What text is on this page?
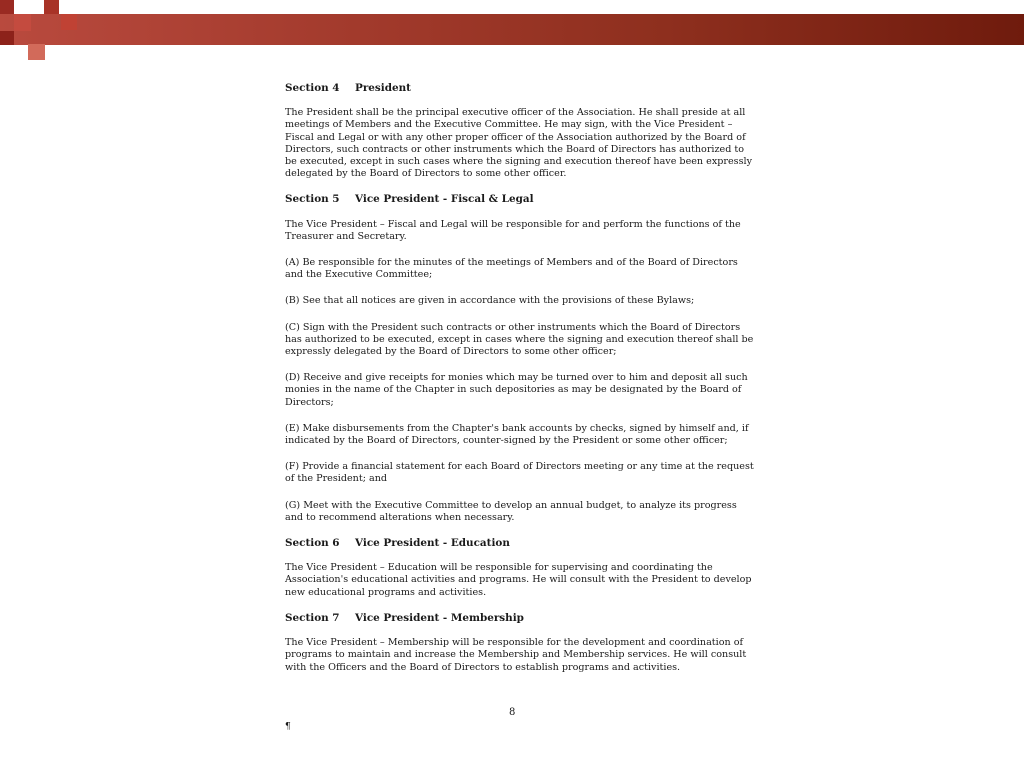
Section 4	President

The President shall be the principal executive officer of the Association. He shall preside at all meetings of Members and the Executive Committee. He may sign, with the Vice President – Fiscal and Legal or with any other proper officer of the Association authorized by the Board of Directors, such contracts or other instruments which the Board of Directors has authorized to be executed, except in such cases where the signing and execution thereof have been expressly delegated by the Board of Directors to some other officer.

Section 5	Vice President - Fiscal & Legal

The Vice President – Fiscal and Legal will be responsible for and perform the functions of the Treasurer and Secretary.

(A) Be responsible for the minutes of the meetings of Members and of the Board of Directors and the Executive Committee;

(B) See that all notices are given in accordance with the provisions of these Bylaws;

(C) Sign with the President such contracts or other instruments which the Board of Directors has authorized to be executed, except in cases where the signing and execution thereof shall be expressly delegated by the Board of Directors to some other officer;

(D) Receive and give receipts for monies which may be turned over to him and deposit all such monies in the name of the Chapter in such depositories as may be designated by the Board of Directors;

(E) Make disbursements from the Chapter's bank accounts by checks, signed by himself and, if indicated by the Board of Directors, counter-signed by the President or some other officer;

(F) Provide a financial statement for each Board of Directors meeting or any time at the request of the President; and

(G) Meet with the Executive Committee to develop an annual budget, to analyze its progress and to recommend alterations when necessary.

Section 6	Vice President - Education

The Vice President – Education will be responsible for supervising and coordinating the Association's educational activities and programs. He will consult with the President to develop new educational programs and activities.

Section 7	Vice President - Membership

The Vice President – Membership will be responsible for the development and coordination of programs to maintain and increase the Membership and Membership services. He will consult with the Officers and the Board of Directors to establish programs and activities.

8
¶
